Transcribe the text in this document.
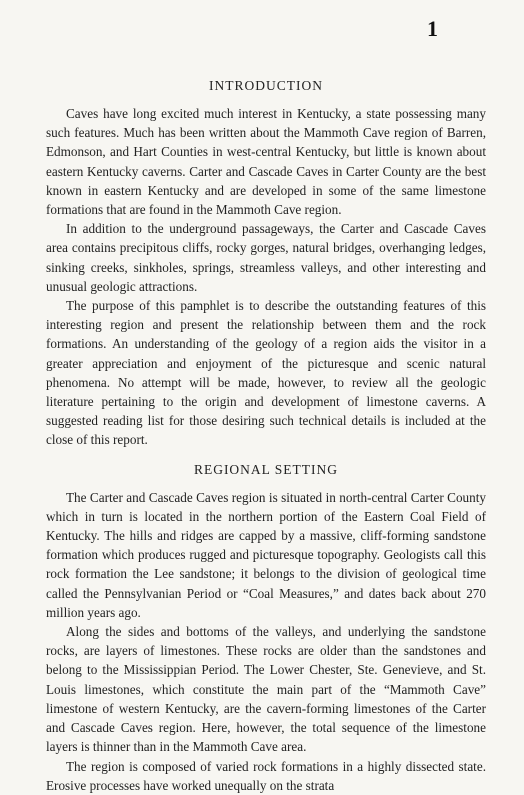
1
INTRODUCTION

Caves have long excited much interest in Kentucky, a state possessing many such features. Much has been written about the Mammoth Cave region of Barren, Edmonson, and Hart Counties in west-central Kentucky, but little is known about eastern Kentucky caverns. Carter and Cascade Caves in Carter County are the best known in eastern Kentucky and are developed in some of the same limestone formations that are found in the Mammoth Cave region.

In addition to the underground passageways, the Carter and Cascade Caves area contains precipitous cliffs, rocky gorges, natural bridges, overhanging ledges, sinking creeks, sinkholes, springs, streamless valleys, and other interesting and unusual geologic attractions.

The purpose of this pamphlet is to describe the outstanding features of this interesting region and present the relationship between them and the rock formations. An understanding of the geology of a region aids the visitor in a greater appreciation and enjoyment of the picturesque and scenic natural phenomena. No attempt will be made, however, to review all the geologic literature pertaining to the origin and development of limestone caverns. A suggested reading list for those desiring such technical details is included at the close of this report.

REGIONAL SETTING

The Carter and Cascade Caves region is situated in north-central Carter County which in turn is located in the northern portion of the Eastern Coal Field of Kentucky. The hills and ridges are capped by a massive, cliff-forming sandstone formation which produces rugged and picturesque topography. Geologists call this rock formation the Lee sandstone; it belongs to the division of geological time called the Pennsylvanian Period or “Coal Measures,” and dates back about 270 million years ago.

Along the sides and bottoms of the valleys, and underlying the sandstone rocks, are layers of limestones. These rocks are older than the sandstones and belong to the Mississippian Period. The Lower Chester, Ste. Genevieve, and St. Louis limestones, which constitute the main part of the “Mammoth Cave” limestone of western Kentucky, are the cavern-forming limestones of the Carter and Cascade Caves region. Here, however, the total sequence of the limestone layers is thinner than in the Mammoth Cave area.

The region is composed of varied rock formations in a highly dissected state. Erosive processes have worked unequally on the strata
